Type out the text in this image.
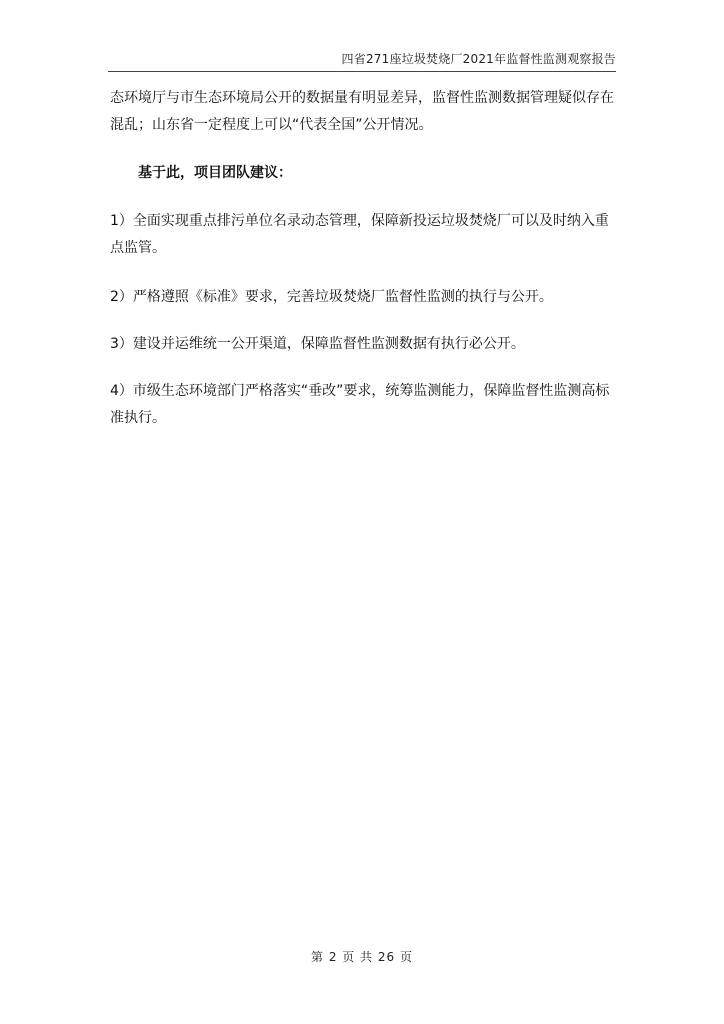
四省271座垃圾焚烧厂2021年监督性监测观察报告
态环境厅与市生态环境局公开的数据量有明显差异，监督性监测数据管理疑似存在混乱；山东省一定程度上可以“代表全国”公开情况。
基于此，项目团队建议：
1）全面实现重点排污单位名录动态管理，保障新投运垃圾焚烧厂可以及时纳入重点监管。
2）严格遵照《标准》要求，完善垃圾焚烧厂监督性监测的执行与公开。
3）建设并运维统一公开渠道，保障监督性监测数据有执行必公开。
4）市级生态环境部门严格落实“垂改”要求，统筹监测能力，保障监督性监测高标准执行。
第 2 页 共 26 页
